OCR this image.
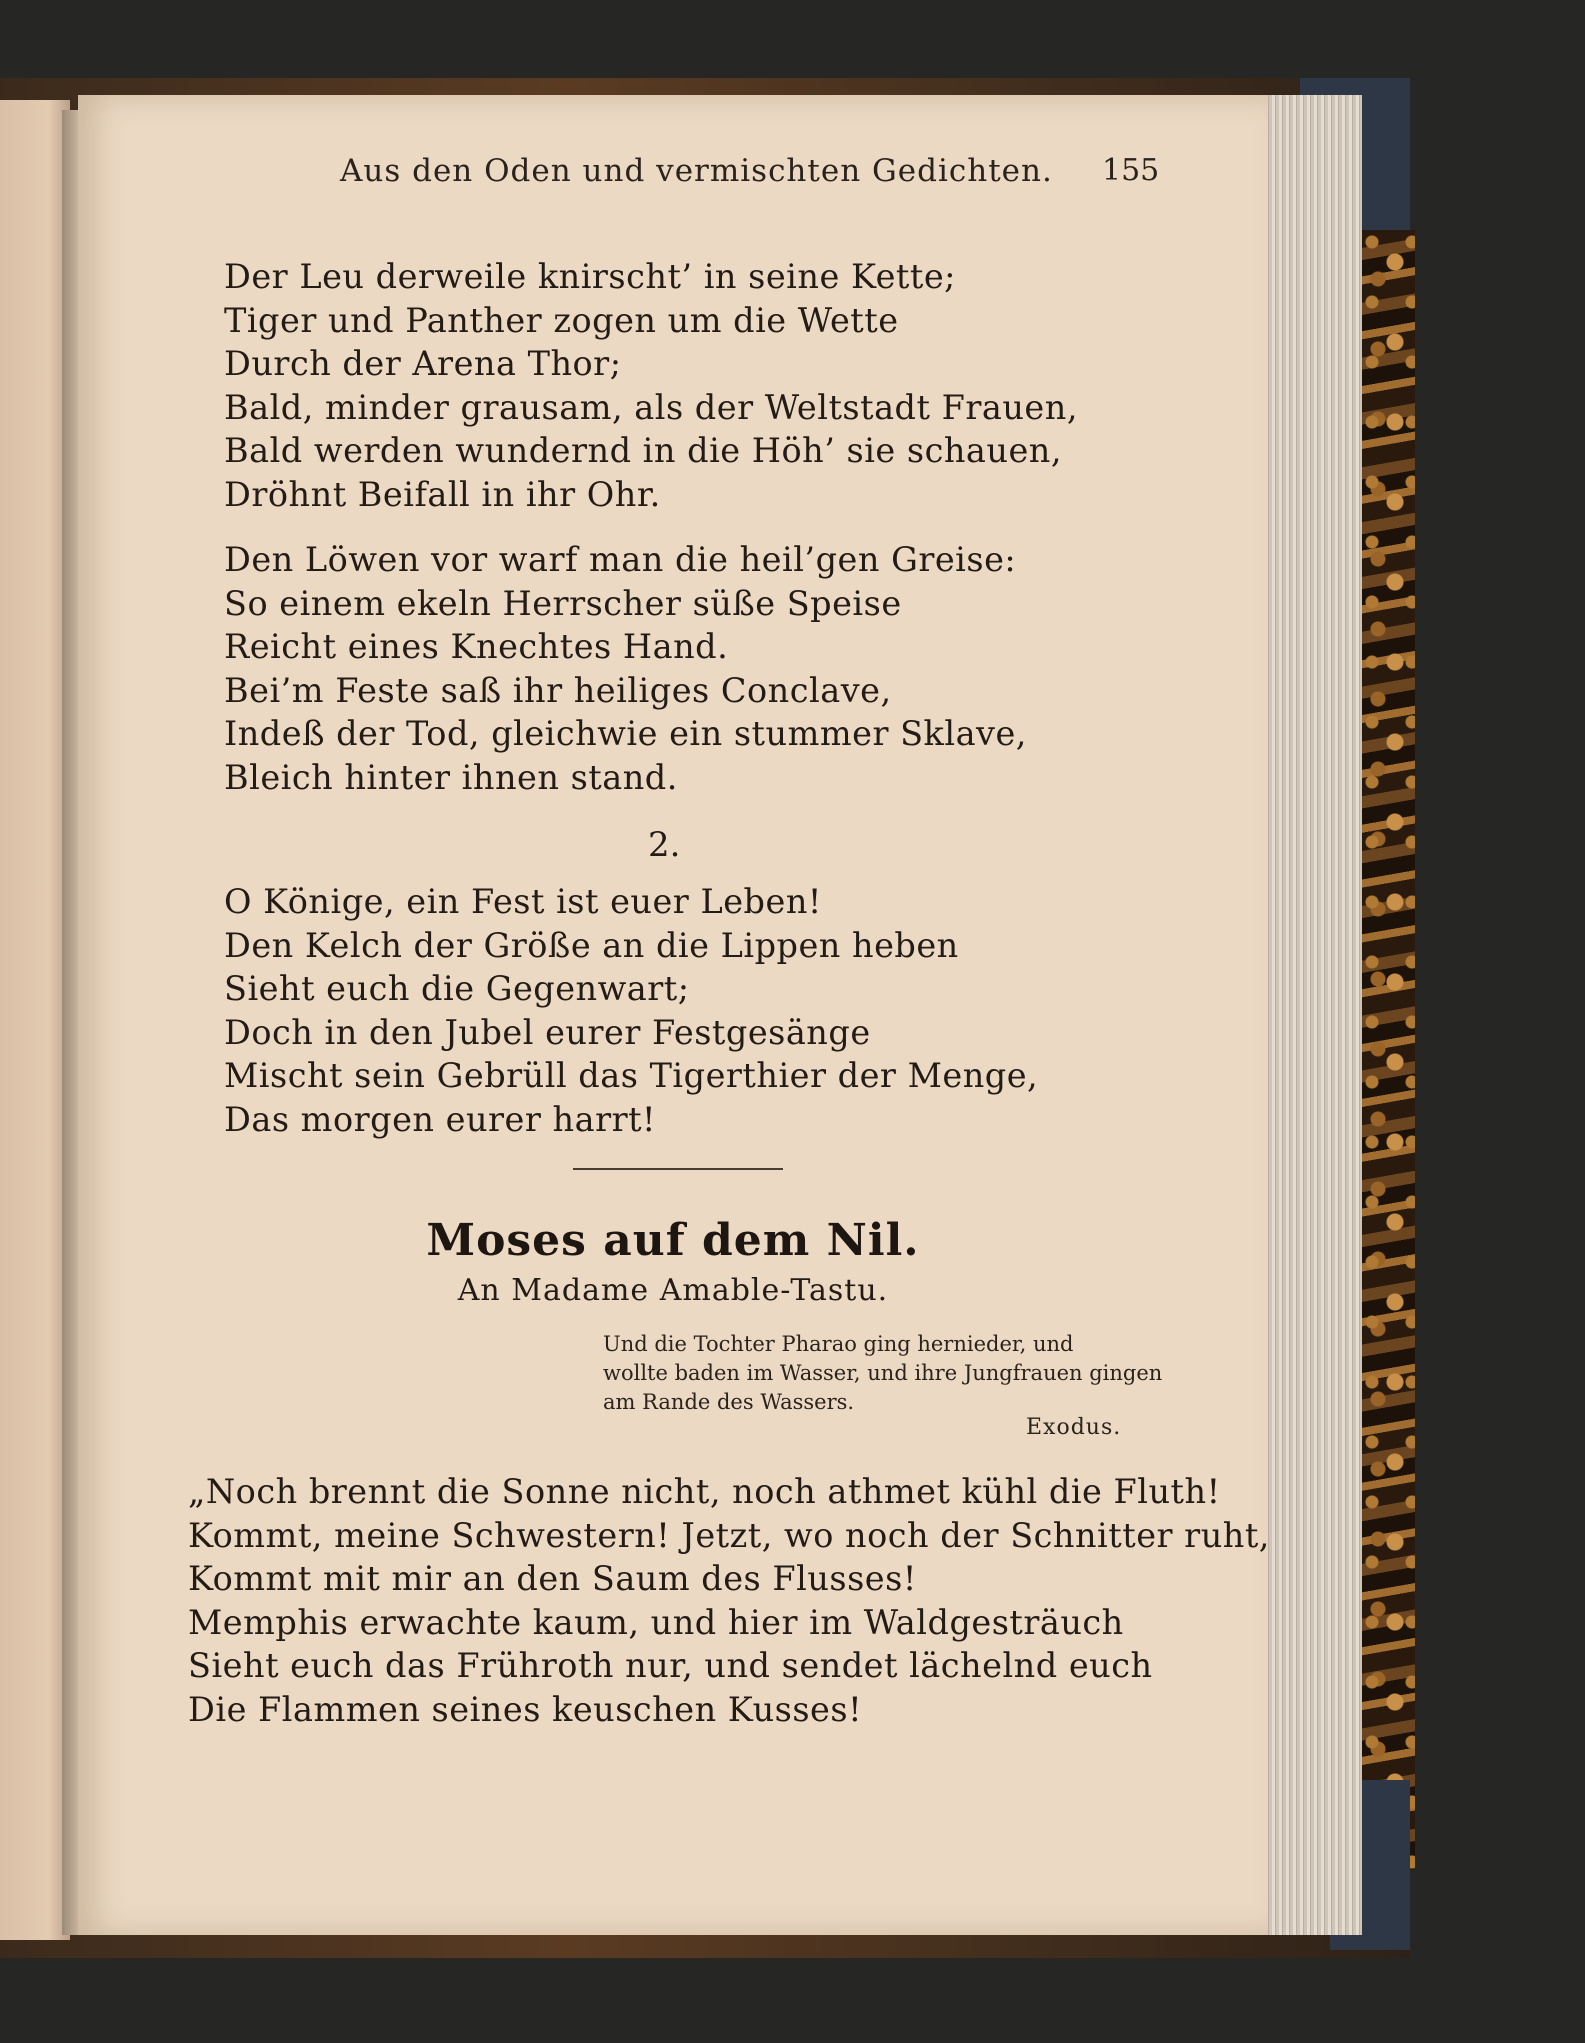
Aus den Oden und vermischten Gedichten. 155
Der Leu derweile knirscht’ in seine Kette;
Tiger und Panther zogen um die Wette
Durch der Arena Thor;
Bald, minder grausam, als der Weltstadt Frauen,
Bald werden wundernd in die Höh’ sie schauen,
Dröhnt Beifall in ihr Ohr.
Den Löwen vor warf man die heil’gen Greise:
So einem ekeln Herrscher süße Speise
Reicht eines Knechtes Hand.
Bei’m Feste saß ihr heiliges Conclave,
Indeß der Tod, gleichwie ein stummer Sklave,
Bleich hinter ihnen stand.
2.
O Könige, ein Fest ist euer Leben!
Den Kelch der Größe an die Lippen heben
Sieht euch die Gegenwart;
Doch in den Jubel eurer Festgesänge
Mischt sein Gebrüll das Tigerthier der Menge,
Das morgen eurer harrt!
Moses auf dem Nil.
An Madame Amable-Tastu.
Und die Tochter Pharao ging hernieder, und
wollte baden im Wasser, und ihre Jungfrauen gingen
am Rande des Wassers.
Exodus.
„Noch brennt die Sonne nicht, noch athmet kühl die Fluth!
Kommt, meine Schwestern! Jetzt, wo noch der Schnitter ruht,
Kommt mit mir an den Saum des Flusses!
Memphis erwachte kaum, und hier im Waldgesträuch
Sieht euch das Frühroth nur, und sendet lächelnd euch
Die Flammen seines keuschen Kusses!
